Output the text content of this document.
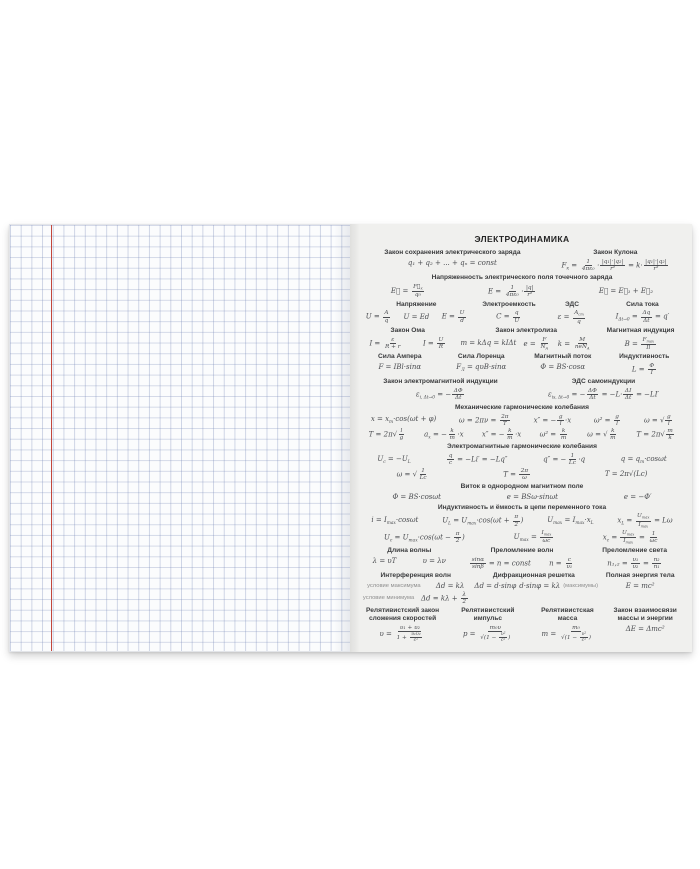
ЭЛЕКТРОДИНАМИКА
Закон сохранения электрического заряда
q₁ + q₂ + ... + qₙ = const
Закон Кулона
$F_к = \frac{1}{\text{4πε₀}} \cdot \frac{\text{|q₁|·|q₂|}}{\text{r²}} = k\cdot \frac{\text{|q₁|·|q₂|}}{\text{r²}}$
Напряженность электрического поля точечного заряда
E⃗ = $\frac{F⃗_к}{\text{q₀}}$	$E = \frac{1}{\text{4πε₀}} \cdot \frac{|q|}{\text{r²}}$	E⃗ = E⃗₁ + E⃗₂
Напряжение
$U = \frac{A}{q}$ U = Ed $E = \frac{U}{d}$
Электроемкость
$C = \frac{q}{U}$
ЭДС
$\varepsilon = \frac{A_{ст}}{q}$
Сила тока
$I_{\Delta t\to 0} = \frac{\Delta q}{\Delta t} = q'$
Закон Ома
$I = \frac{\varepsilon}{R + r}$	$I = \frac{U}{R}$
Закон электролиза
m = kΔq = kIΔt $e = \frac{F}{N_A}$ $k = \frac{M}{neN_A}$
Магнитная индукция
$B = \frac{F_{max}}{Il}$
Сила Ампера
F = IBl·sinα
Сила Лоренца
$F_Л = q\upsilon B\cdot\sin\alpha$
Магнитный поток
Φ = BS·cosα
Индуктивность
$L = \frac{\Phi}{I}$
Закон электромагнитной индукции
$\varepsilon_{i, \Delta t\to 0}$ = − $\frac{\Delta\Phi}{\Delta t}$
ЭДС самоиндукции
$\varepsilon_{is, \Delta t\to 0}$ = − $\frac{\Delta\Phi}{\Delta t} = -L\cdot \frac{\Delta I}{\Delta t} = -LI'$
Механические гармонические колебания
$x = x_m\cdot\cos(\omega t + \varphi)$	$\omega = 2\pi\nu = \frac{2\pi}{T}$	x″ = − $\frac{g}{l} \cdot x$	$\omega^2 = \frac{g}{l}$	ω = √ $\frac{g}{l}$
$T = 2\pi√ \frac{l}{g}$	$a_x$ = − $\frac{k}{m} \cdot x$	x″ = − $\frac{k}{m} \cdot x$	$\omega^2 = \frac{k}{m}$	ω = √ $\frac{k}{m}$	$T = 2\pi√ \frac{m}{k}$
Электромагнитные гармонические колебания
$U_c = -U_L$	$\frac{q}{c} = -Li' = -Lq''$	q″ = − $\frac{1}{Lc} \cdot q$	$q = q_m\cdot\cos\omega t$
ω = √ $\frac{1}{Lc}$	$T = \frac{2\pi}{\omega}$	T = 2π√(Lc)
Виток в однородном магнитном поле
Φ = BS·cosωt	e = BSω·sinωt	e = −Φ′
Индуктивность и ёмкость в цепи переменного тока
$i = I_{max}\cdot\cos\omega t$	$U_L = U_{max}\cdot\cos(\omega t + \frac{\pi}{2}$ )	$U_{max} = I_{max}\cdot x_L$	$x_L = \frac{U_{max}}{I_{max}} = L\omega$
$U_c = U_{max}\cdot\cos(\omega t - \frac{\pi}{2}$ )	$U_{max} = \frac{I_{max}}{\omega c}$	$x_c = \frac{U_{max}}{I_{max}} = \frac{1}{\omega c}$
Длина волны
λ = υT	υ = λν
Преломление волн
$\frac{\sin\alpha}{\sin\beta} = n$ = const	$n = \frac{c}{\text{υ₁}}$
Преломление света
$n_1,_2 = \frac{\text{υ₁}}{\text{υ₂}} = \frac{\text{n₂}}{\text{n₁}}$
Интерференция волн
условие максимума Δd = kλ
условие минимума $\Delta d = k\lambda + \frac{\lambda}{2}$
Дифракционная решетка
Δd = d·sinφ d·sinφ = kλ (максимумы)
Полная энергия тела
E = mc²
Релятивистский закон сложения скоростей
$\upsilon = \frac{\text{υ₁ + υ₂}}{1 + \frac{\text{υ₁υ₂}}{\text{c²}}}$
Релятивистский импульс
$p = \frac{\text{m₀υ}}{√(1 - \frac{\text{υ²}}{\text{c²}} )}$
Релятивистская масса
$m = \frac{\text{m₀}}{√(1 - \frac{\text{υ²}}{\text{c²}} )}$
Закон взаимосвязи массы и энергии
ΔE = Δmc²
